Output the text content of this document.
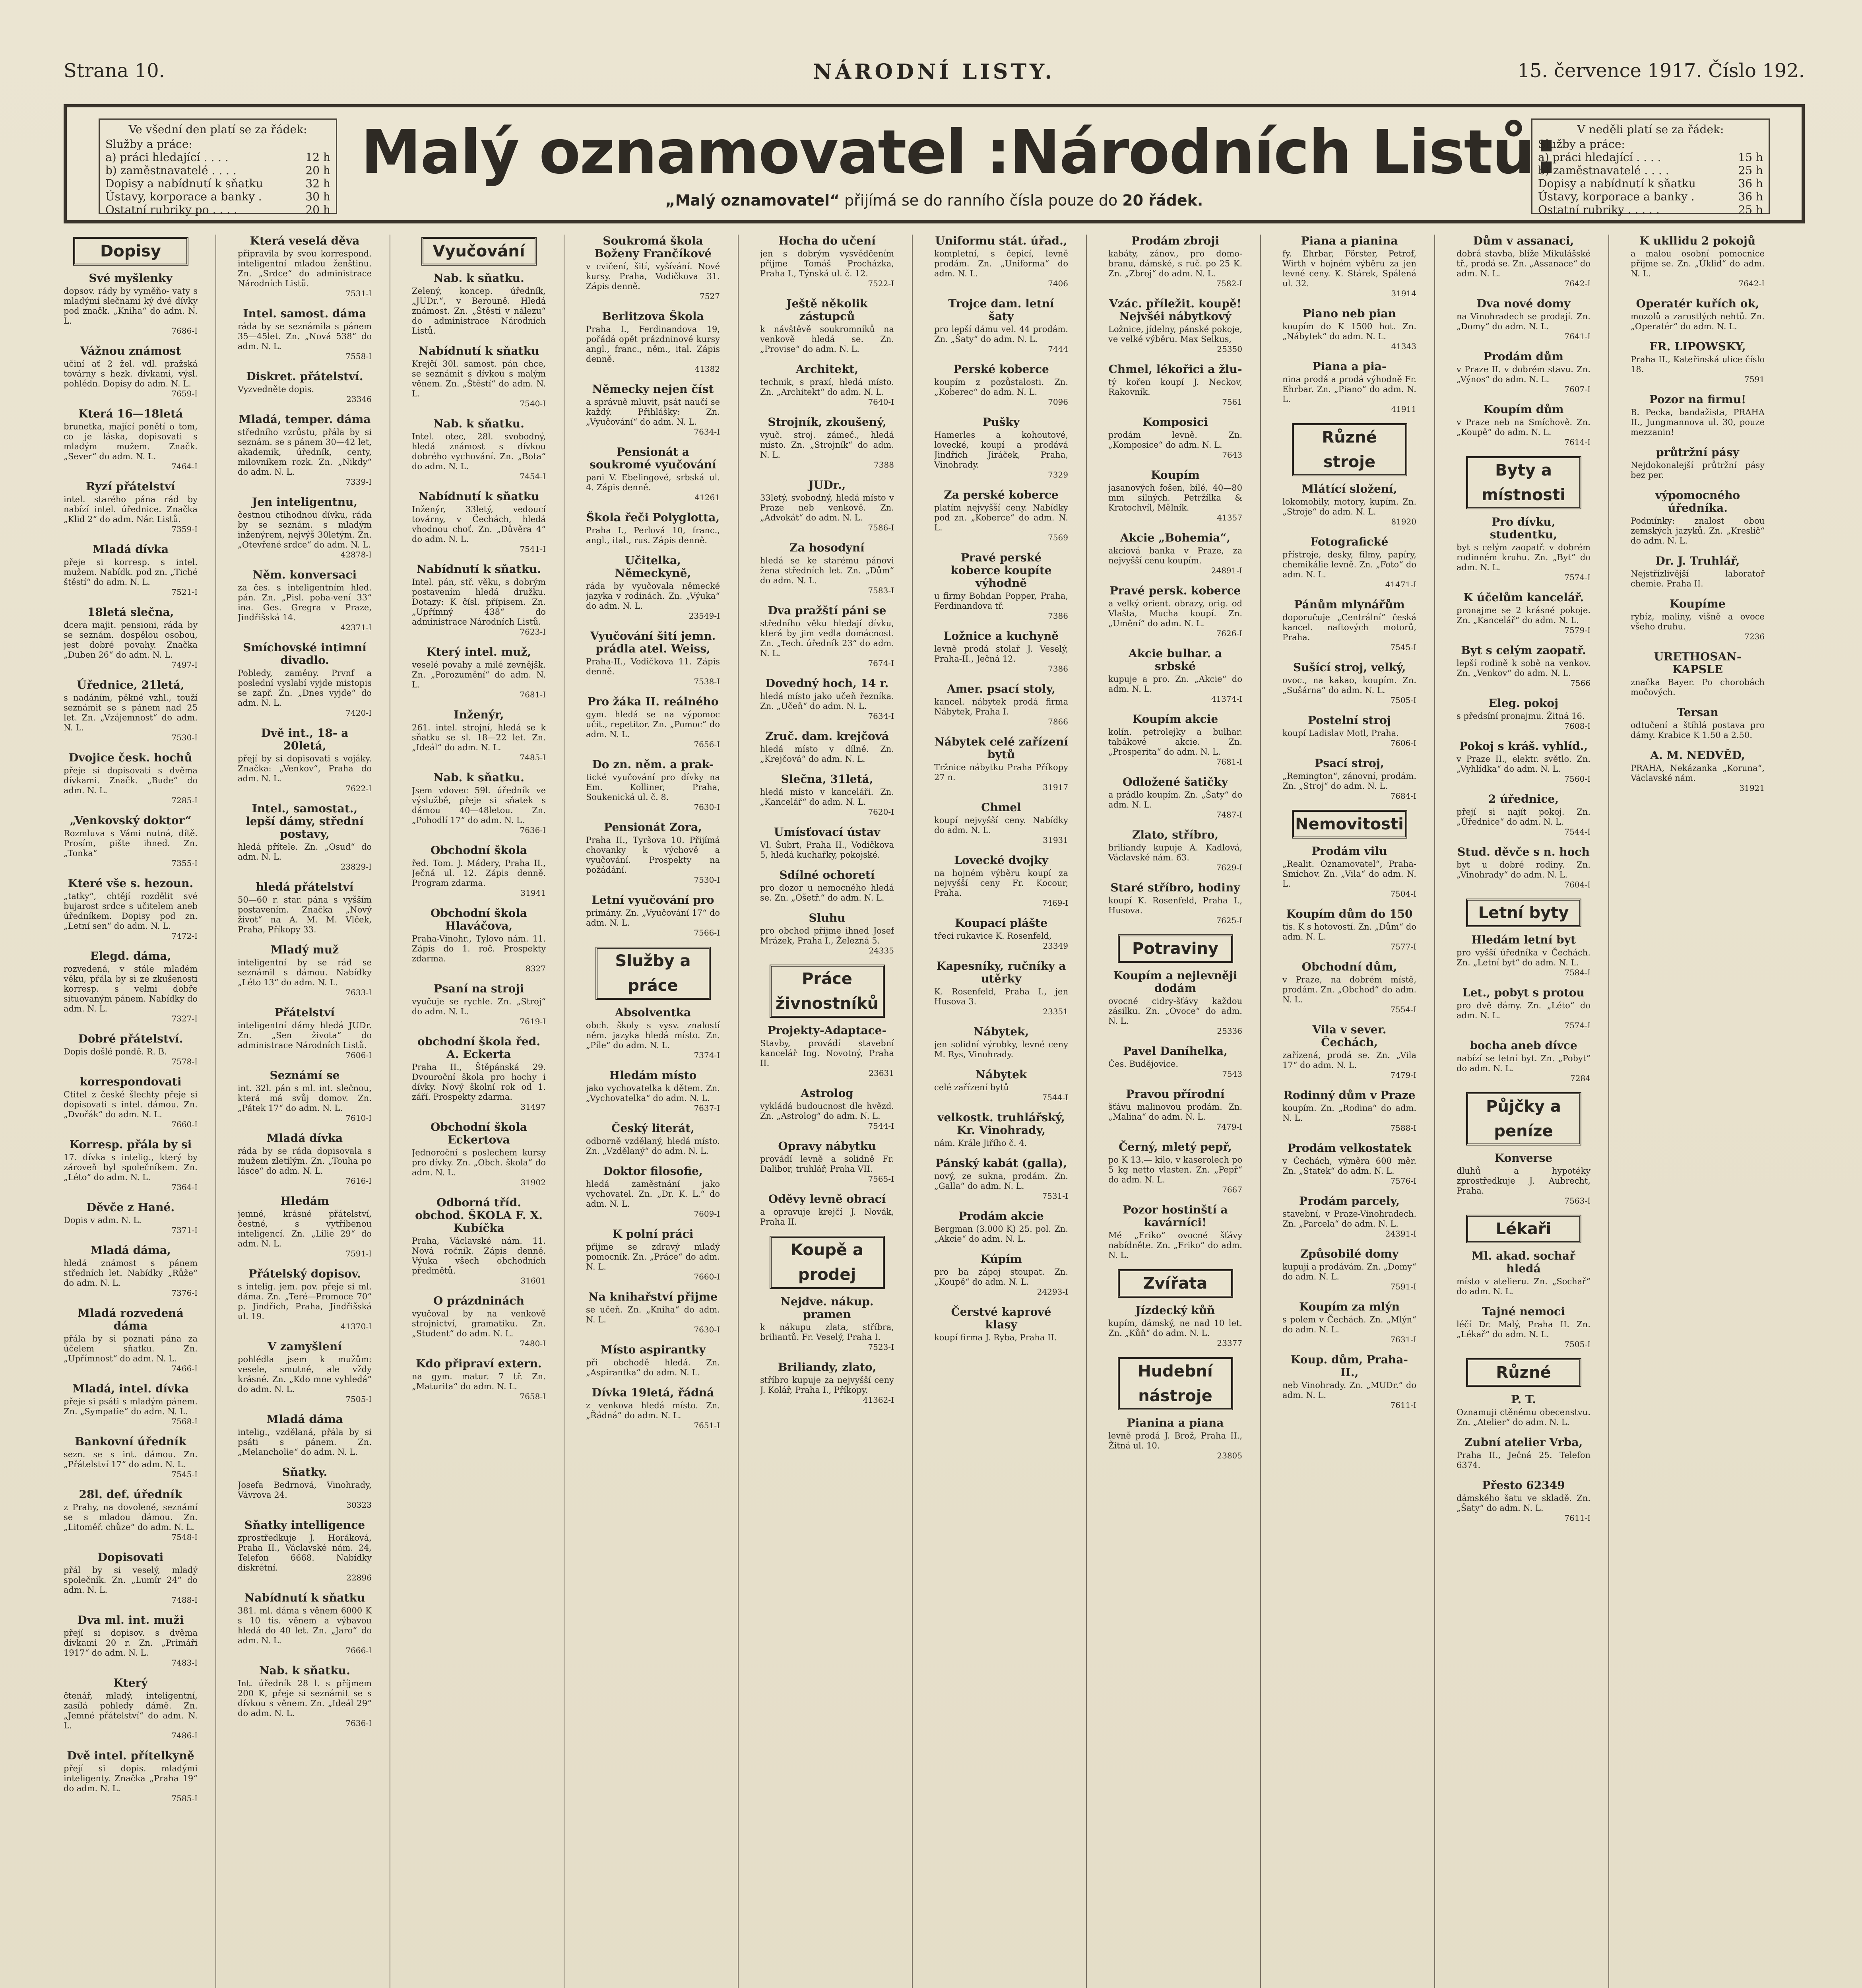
Strana 10.	NÁRODNÍ LISTY.	15. července 1917. Číslo 192.
Ve všední den platí se za řádek:
Služby a práce:
a) práci hledající . . . .	12 h
b) zaměstnavatelé . . . .	20 h
Dopisy a nabídnutí k sňatku	32 h
Ústavy, korporace a banky .	30 h
Ostatní rubriky po . . . .	20 h
Malý oznamovatel :Národních Listů:
„Malý oznamovatel“ přijímá se do ranního čísla pouze do 20 řádek.
V neděli platí se za řádek:
Služby a práce:
a) práci hledající . . . .	15 h
b) zaměstnavatelé . . . .	25 h
Dopisy a nabídnutí k sňatku	36 h
Ústavy, korporace a banky .	36 h
Ostatní rubriky . . . . .	25 h
Dopisy
Své myšlenky

dopsov. rády by vyměňo- vaty s mladými slečnami ký dvé dívky pod značk. „Kniha“ do adm. N. L.

7686-I
Vážnou známost

učiní ať 2 žel. vdl. pražská továrny s hezk. dívkami, výsl. pohlédn. Dopisy do adm. N. L.

7659-I
Která 16—18letá

brunetka, mající ponětí o tom, co je láska, dopisovati s mladým mužem. Značk. „Sever“ do adm. N. L.

7464-I
Ryzí přátelství

intel. starého pána rád by nabízí intel. úřednice. Značka „Klid 2“ do adm. Nár. Listů.

7359-I
Mladá dívka

přeje si korresp. s intel. mužem. Nabídk. pod zn. „Tiché štěstí“ do adm. N. L.

7521-I
18letá slečna,

dcera majit. pensioni, ráda by se seznám. dospělou osobou, jest dobré povahy. Značka „Duben 26“ do adm. N. L.

7497-I
Úřednice, 21letá,

s nadáním, pěkné vzhl., touží seznámit se s pánem nad 25 let. Zn. „Vzájemnost“ do adm. N. L.

7530-I
Dvojice česk. hochů

přeje si dopisovati s dvěma dívkami. Značk. „Bude“ do adm. N. L.

7285-I
„Venkovský doktor“

Rozmluva s Vámi nutná, dítě. Prosím, pište ihned. Zn. „Tonka“

7355-I
Které vše s. hezoun.

„tatky“, chtějí rozdělit své bujarost srdce s učitelem aneb úředníkem. Dopisy pod zn. „Letní sen“ do adm. N. L.

7472-I
Elegd. dáma,

rozvedená, v stále mladém věku, přála by si ze zkušenosti korresp. s velmi dobře situovaným pánem. Nabídky do adm. N. L.

7327-I
Dobré přátelství.

Dopis došlé pondě. R. B.

7578-I
korrespondovati

Ctitel z české šlechty přeje si dopisovati s intel. dámou. Zn. „Dvořák“ do adm. N. L.

7660-I
Korresp. přála by si

17. dívka s intelig., který by zároveň byl společníkem. Zn. „Léto“ do adm. N. L.

7364-I
Děvče z Hané.

Dopis v adm. N. L.

7371-I
Mladá dáma,

hledá známost s pánem středních let. Nabídky „Růže“ do adm. N. L.

7376-I
Mladá rozvedená dáma

přála by si poznati pána za účelem sňatku. Zn. „Upřímnost“ do adm. N. L.

7466-I
Mladá, intel. dívka

přeje si psáti s mladým pánem. Zn. „Sympatie“ do adm. N. L.

7568-I
Bankovní úředník

sezn. se s int. dámou. Zn. „Přátelství 17“ do adm. N. L.

7545-I
28l. def. úředník

z Prahy, na dovolené, seznámí se s mladou dámou. Zn. „Litoměř. chůze“ do adm. N. L.

7548-I
Dopisovati

přál by si veselý, mladý společník. Zn. „Lumír 24“ do adm. N. L.

7488-I
Dva ml. int. muži

přejí si dopisov. s dvěma dívkami 20 r. Zn. „Primáři 1917“ do adm. N. L.

7483-I
Který

čtenář, mladý, inteligentní, zasílá pohledy dámě. Zn. „Jemné přátelství“ do adm. N. L.

7486-I
Dvě intel. přítelkyně

přejí si dopis. mladými inteligenty. Značka „Praha 19“ do adm. N. L.

7585-I
Která veselá děva

připravila by svou korrespond. inteligentní mladou ženštinu. Zn. „Srdce“ do administrace Národních Listů.

7531-I
Intel. samost. dáma

ráda by se seznámila s pánem 35—45let. Zn. „Nová 538“ do adm. N. L.

7558-I
Diskret. přátelství.

Vyzvedněte dopis.

23346
Mladá, temper. dáma

středního vzrůstu, přála by si seznám. se s pánem 30—42 let, akademik, úředník, centy, milovníkem rozk. Zn. „Nikdy“ do adm. N. L.

7339-I
Jen inteligentnu,

čestnou ctihodnou dívku, ráda by se seznám. s mladým inženýrem, nejvýš 30letým. Zn. „Otevřené srdce“ do adm. N. L.

42878-I
Něm. konversaci

za čes. s inteligentním hled. pán. Zn. „Pisl. poba-vení 33“ ina. Ges. Gregra v Praze, Jindřišská 14.

42371-I
Smíchovské intimní divadlo.

Pobledy, zaměny. Prvnf a poslední vyslabí vyjde mistopis se zapř. Zn. „Dnes vyjde“ do adm. N. L.

7420-I
Dvě int., 18- a 20letá,

přejí by si dopisovati s vojáky. Značka: „Venkov“, Praha do adm. N. L.

7622-I
Intel., samostat., lepší dámy, střední postavy,

hledá přítele. Zn. „Osud“ do adm. N. L.

23829-I
hledá přátelství

50—60 r. star. pána s vyšším postavením. Značka „Nový život“ na A. M. M. Vlček, Praha, Příkopy 33.

Mladý muž

inteligentní by se rád se seznámil s dámou. Nabídky „Léto 13“ do adm. N. L.

7633-I
Přátelství

inteligentní dámy hledá JUDr. Zn. „Sen života“ do administrace Národních Listů.

7606-I
Seznámí se

int. 32l. pán s ml. int. slečnou, která má svůj domov. Zn. „Pátek 17“ do adm. N. L.

7610-I
Mladá dívka

ráda by se ráda dopisovala s mužem zletilým. Zn. „Touha po lásce“ do adm. N. L.

7616-I
Hledám

jemné, krásné přátelství, čestné, s vytříbenou inteligencí. Zn. „Lilie 29“ do adm. N. L.

7591-I
Přátelský dopisov.

s intelig. jem. pov. přeje si ml. dáma. Zn. „Teré—Promoce 70“ p. Jindřich, Praha, Jindřišská ul. 19.

41370-I
V zamyšlení

pohlédla jsem k mužům: vesele, smutné, ale vždy krásné. Zn. „Kdo mne vyhledá“ do adm. N. L.

7505-I
Mladá dáma

intelig., vzdělaná, přála by si psáti s pánem. Zn. „Melancholie“ do adm. N. L.

Sňatky.

Josefa Bedrnová, Vinohrady, Vávrova 24.

30323
Sňatky intelligence

zprostředkuje J. Horáková, Praha II., Václavské nám. 24, Telefon 6668. Nabídky diskrétní.

22896
Nabídnutí k sňatku

381. ml. dáma s věnem 6000 K s 10 tis. věnem a výbavou hledá do 40 let. Zn. „Jaro“ do adm. N. L.

7666-I
Nab. k sňatku.

Int. úředník 28 l. s příjmem 200 K, přeje si seznámit se s dívkou s věnem. Zn. „Ideál 29“ do adm. N. L.

7636-I
Vyučování
Nab. k sňatku.

Zelený, koncep. úředník, „JUDr.“, v Berouně. Hledá známost. Zn. „Štěstí v nálezu“ do administrace Národních Listů.

Nabídnutí k sňatku

Krejčí 30l. samost. pán chce, se seznámit s dívkou s malým věnem. Zn. „Štěstí“ do adm. N. L.

7540-I
Nab. k sňatku.

Intel. otec, 28l. svobodný, hledá známost s dívkou dobrého vychování. Zn. „Bota“ do adm. N. L.

7454-I
Nabídnutí k sňatku

Inženýr, 33letý, vedoucí továrny, v Čechách, hledá vhodnou choť. Zn. „Důvěra 4“ do adm. N. L.

7541-I
Nabídnutí k sňatku.

Intel. pán, stř. věku, s dobrým postavením hledá družku. Dotazy: K čísl. přípisem. Zn. „Upřímný 438“ do administrace Národních Listů.

7623-I
Který intel. muž,

veselé povahy a milé zevnějšk. Zn. „Porozumění“ do adm. N. L.

7681-I
Inženýr,

261. intel. strojní, hledá se k sňatku se sl. 18—22 let. Zn. „Ideál“ do adm. N. L.

7485-I
Nab. k sňatku.

Jsem vdovec 59l. úředník ve výslužbě, přeje si sňatek s dámou 40—48letou. Zn. „Pohodlí 17“ do adm. N. L.

7636-I
Obchodní škola

řed. Tom. J. Mádery, Praha II., Ječná ul. 12. Zápis denně. Program zdarma.

31941
Obchodní škola Hlaváčova,

Praha-Vinohr., Tylovo nám. 11. Zápis do 1. roč. Prospekty zdarma.

8327
Psaní na stroji

vyučuje se rychle. Zn. „Stroj“ do adm. N. L.

7619-I
obchodní škola řed. A. Eckerta

Praha II., Štěpánská 29. Dvouroční škola pro hochy i dívky. Nový školní rok od 1. září. Prospekty zdarma.

31497
Obchodní škola Eckertova

Jednoroční s poslechem kursy pro dívky. Zn. „Obch. škola“ do adm. N. L.

31902
Odborná tříd. obchod. ŠKOLA F. X. Kubíčka

Praha, Václavské nám. 11. Nová ročník. Zápis denně. Výuka všech obchodních předmětů.

31601
O prázdninách

vyučoval by na venkově strojnictví, gramatiku. Zn. „Student“ do adm. N. L.

7480-I
Kdo připraví extern.

na gym. matur. 7 tř. Zn. „Maturita“ do adm. N. L.

7658-I
Soukromá škola Boženy Frančíkové

v cvičení, šití, vyšívání. Nové kursy. Praha, Vodičkova 31. Zápis denně.

7527
Berlitzova Škola

Praha I., Ferdinandova 19, pořádá opět prázdninové kursy angl., franc., něm., ital. Zápis denně.

41382
Německy nejen číst

a správně mluvit, psát naučí se každý. Přihlášky: Zn. „Vyučování“ do adm. N. L.

7634-I
Pensionát a soukromé vyučování

pani V. Ebelingové, srbská ul. 4. Zápis denně.

41261
Škola řeči Polyglotta,

Praha I., Perlová 10, franc., angl., ital., rus. Zápis denně.

Učitelka, Německyně,

ráda by vyučovala německé jazyka v rodinách. Zn. „Výuka“ do adm. N. L.

23549-I
Vyučování šití jemn. prádla atel. Weiss,

Praha-II., Vodičkova 11. Zápis denně.

7538-I
Pro žáka II. reálného

gym. hledá se na výpomoc učit., repetitor. Zn. „Pomoc“ do adm. N. L.

7656-I
Do zn. něm. a prak-

tické vyučování pro dívky na Em. Kolliner, Praha, Soukenická ul. č. 8.

7630-I
Pensionát Zora,

Praha II., Tyršova 10. Přijímá chovanky k výchově a vyučování. Prospekty na požádání.

7530-I
Letní vyučování pro

primány. Zn. „Vyučování 17“ do adm. N. L.

7566-I
Služby a práce
Absolventka

obch. školy s vysv. znalostí něm. jazyka hledá místo. Zn. „Píle“ do adm. N. L.

7374-I
Hledám místo

jako vychovatelka k dětem. Zn. „Vychovatelka“ do adm. N. L.

7637-I
Český literát,

odborně vzdělaný, hledá místo. Zn. „Vzdělaný“ do adm. N. L.

Doktor filosofie,

hledá zaměstnání jako vychovatel. Zn. „Dr. K. L.“ do adm. N. L.

7609-I
K polní práci

přijme se zdravý mladý pomocník. Zn. „Práce“ do adm. N. L.

7660-I
Na knihařství přijme

se učeň. Zn. „Kniha“ do adm. N. L.

7630-I
Místo aspirantky

při obchodě hledá. Zn. „Aspirantka“ do adm. N. L.

Dívka 19letá, řádná

z venkova hledá místo. Zn. „Řádná“ do adm. N. L.

7651-I
Hocha do učení

jen s dobrým vysvědčením přijme Tomáš Procházka, Praha I., Týnská ul. č. 12.

7522-I
Ještě několik zástupců

k návštěvě soukromníků na venkově hledá se. Zn. „Provise“ do adm. N. L.

Architekt,

technik, s praxí, hledá místo. Zn. „Architekt“ do adm. N. L.

7640-I
Strojník, zkoušený,

vyuč. stroj. zámeč., hledá místo. Zn. „Strojník“ do adm. N. L.

7388
JUDr.,

33letý, svobodný, hledá místo v Praze neb venkově. Zn. „Advokát“ do adm. N. L.

7586-I
Za hosodyní

hledá se ke starému pánovi žena středních let. Zn. „Dům“ do adm. N. L.

7583-I
Dva pražští páni se

středního věku hledají dívku, která by jim vedla domácnost. Zn. „Tech. úředník 23“ do adm. N. L.

7674-I
Dovedný hoch, 14 r.

hledá místo jako učeň řezníka. Zn. „Učeň“ do adm. N. L.

7634-I
Zruč. dam. krejčová

hledá místo v dílně. Zn. „Krejčová“ do adm. N. L.

Slečna, 31letá,

hledá místo v kanceláři. Zn. „Kancelář“ do adm. N. L.

7620-I
Umísťovací ústav

Vl. Šubrt, Praha II., Vodičkova 5, hledá kuchařky, pokojské.

Sdílné ochoretí

pro dozor u nemocného hledá se. Zn. „Ošetř.“ do adm. N. L.

Sluhu

pro obchod přijme ihned Josef Mrázek, Praha I., Železná 5.

24335
Práce živnostníků
Projekty-Adaptace-

Stavby, provádí stavební kancelář Ing. Novotný, Praha II.

23631
Astrolog

vykládá budoucnost dle hvězd. Zn. „Astrolog“ do adm. N. L.

7544-I
Opravy nábytku

provádí levně a solidně Fr. Dalibor, truhlář, Praha VII.

7565-I
Oděvy levně obrací

a opravuje krejčí J. Novák, Praha II.

Koupě a prodej
Nejdve. nákup. pramen

k nákupu zlata, stříbra, briliantů. Fr. Veselý, Praha I.

7523-I
Briliandy, zlato,

stříbro kupuje za nejvyšší ceny J. Kolář, Praha I., Příkopy.

41362-I
Uniformu stát. úřad.,

kompletní, s čepicí, levně prodám. Zn. „Uniforma“ do adm. N. L.

7406
Trojce dam. letní šaty

pro lepší dámu vel. 44 prodám. Zn. „Šaty“ do adm. N. L.

7444
Perské koberce

koupím z pozůstalosti. Zn. „Koberec“ do adm. N. L.

7096
Pušky

Hamerles a kohoutové, lovecké, koupí a prodává Jindřich Jiráček, Praha, Vinohrady.

7329
Za perské koberce

platím nejvyšší ceny. Nabídky pod zn. „Koberce“ do adm. N. L.

7569
Pravé perské koberce koupíte výhodně

u firmy Bohdan Popper, Praha, Ferdinandova tř.

7386
Ložnice a kuchyně

levně prodá stolař J. Veselý, Praha-II., Ječná 12.

7386
Amer. psací stoly,

kancel. nábytek prodá firma Nábytek, Praha I.

7866
Nábytek celé zařízení bytů

Tržnice nábytku Praha Příkopy 27 n.

31917
Chmel

koupí nejvyšší ceny. Nabídky do adm. N. L.

31931
Lovecké dvojky

na hojném výběru koupí za nejvyšší ceny Fr. Kocour, Praha.

7469-I
Koupací plášte

třeci rukavice K. Rosenfeld,

23349
Kapesníky, ručníky a utěrky

K. Rosenfeld, Praha I., jen Husova 3.

23351
Nábytek,

jen solidní výrobky, levné ceny M. Rys, Vinohrady.

Nábytek

celé zařízení bytů

7544-I
velkostk. truhlářský, Kr. Vinohrady,

nám. Krále Jiřího č. 4.

Pánský kabát (galla),

nový, ze sukna, prodám. Zn. „Galla“ do adm. N. L.

7531-I
Prodám akcie

Bergman (3.000 K) 25. pol. Zn. „Akcie“ do adm. N. L.

Kúpím

pro ba zápoj stoupat. Zn. „Koupě“ do adm. N. L.

24293-I
Čerstvé kaprové klasy

koupí firma J. Ryba, Praha II.

Prodám zbroji

kabáty, zánov., pro domo- branu, dámské, s ruč. po 25 K. Zn. „Zbroj“ do adm. N. L.

7582-I
Vzác. příležit. koupě! Nejvšéi nábytkový

Ložnice, jídelny, pánské pokoje, ve velké výběru. Max Selkus,

25350
Chmel, lékořici a žlu-

tý kořen koupí J. Neckov, Rakovník.

7561
Komposici

prodám levně. Zn. „Komposice“ do adm. N. L.

7643
Koupím

jasanových fošen, bílé, 40—80 mm silných. Petržílka & Kratochvíl, Mělník.

41357
Akcie „Bohemia“,

akciová banka v Praze, za nejvyšší cenu koupím.

24891-I
Pravé persk. koberce

a velký orient. obrazy, orig. od Vlašta, Mucha koupí. Zn. „Umění“ do adm. N. L.

7626-I
Akcie bulhar. a srbské

kupuje a pro. Zn. „Akcie“ do adm. N. L.

41374-I
Koupím akcie

kolín. petrolejky a bulhar. tabákové akcie. Zn. „Prosperita“ do adm. N. L.

7681-I
Odložené šatičky

a prádlo koupím. Zn. „Šaty“ do adm. N. L.

7487-I
Zlato, stříbro,

briliandy kupuje A. Kadlová, Václavské nám. 63.

7629-I
Staré stříbro, hodiny

koupí K. Rosenfeld, Praha I., Husova.

7625-I
Potraviny
Koupím a nejlevněji dodám

ovocné cidry-šťávy každou zásilku. Zn. „Ovoce“ do adm. N. L.

25336
Pavel Daníhelka,

Čes. Budějovice.

7543
Pravou přírodní

šťávu malinovou prodám. Zn. „Malina“ do adm. N. L.

7479-I
Černý, mletý pepř,

po K 13.— kilo, v kaserolech po 5 kg netto vlasten. Zn. „Pepř“ do adm. N. L.

7667
Pozor hostinští a kavárníci!

Mé „Friko“ ovocné šťávy nabídněte. Zn. „Friko“ do adm. N. L.

Zvířata
Jízdecký kůň

kupím, dámský, ne nad 10 let. Zn. „Kůň“ do adm. N. L.

23377
Hudební nástroje
Pianina a piana

levně prodá J. Brož, Praha II., Žitná ul. 10.

23805
Piana a pianina

fy. Ehrbar, Förster, Petrof, Wirth v hojném výběru za jen levné ceny. K. Stárek, Spálená ul. 32.

31914
Piano neb pian

koupím do K 1500 hot. Zn. „Nábytek“ do adm. N. L.

41343
Piana a pia-

nina prodá a prodá výhodně Fr. Ehrbar. Zn. „Piano“ do adm. N. L.

41911
Různé stroje
Mlátící složení,

lokomobily, motory, kupím. Zn. „Stroje“ do adm. N. L.

81920
Fotografické

přístroje, desky, filmy, papíry, chemikálie levně. Zn. „Foto“ do adm. N. L.

41471-I
Pánům mlynářům

doporučuje „Centrální“ česká kancel. naftových motorů, Praha.

7545-I
Sušící stroj, velký,

ovoc., na kakao, koupím. Zn. „Sušárna“ do adm. N. L.

7505-I
Postelní stroj

koupí Ladislav Motl, Praha.

7606-I
Psací stroj,

„Remington“, zánovní, prodám. Zn. „Stroj“ do adm. N. L.

7684-I
Nemovitosti
Prodám vilu

„Realit. Oznamovatel“, Praha-Smíchov. Zn. „Vila“ do adm. N. L.

7504-I
Koupím dům do 150

tis. K s hotovostí. Zn. „Dům“ do adm. N. L.

7577-I
Obchodní dům,

v Praze, na dobrém místě, prodám. Zn. „Obchod“ do adm. N. L.

7554-I
Vila v sever. Čechách,

zařízená, prodá se. Zn. „Vila 17“ do adm. N. L.

7479-I
Rodinný dům v Praze

koupím. Zn. „Rodina“ do adm. N. L.

7588-I
Prodám velkostatek

v Čechách, výměra 600 měr. Zn. „Statek“ do adm. N. L.

7576-I
Prodám parcely,

stavební, v Praze-Vinohradech. Zn. „Parcela“ do adm. N. L.

24391-I
Způsobilé domy

kupuji a prodávám. Zn. „Domy“ do adm. N. L.

7591-I
Koupím za mlýn

s polem v Čechách. Zn. „Mlýn“ do adm. N. L.

7631-I
Koup. dům, Praha-II.,

neb Vinohrady. Zn. „MUDr.“ do adm. N. L.

7611-I
Dům v assanaci,

dobrá stavba, blíže Mikulášské tř., prodá se. Zn. „Assanace“ do adm. N. L.

7642-I
Dva nové domy

na Vinohradech se prodají. Zn. „Domy“ do adm. N. L.

7641-I
Prodám dům

v Praze II. v dobrém stavu. Zn. „Výnos“ do adm. N. L.

7607-I
Koupím dům

v Praze neb na Smíchově. Zn. „Koupě“ do adm. N. L.

7614-I
Byty a místnosti
Pro dívku, studentku,

byt s celým zaopatř. v dobrém rodinném kruhu. Zn. „Byt“ do adm. N. L.

7574-I
K účelům kancelář.

pronajme se 2 krásné pokoje. Zn. „Kancelář“ do adm. N. L.

7579-I
Byt s celým zaopatř.

lepší rodině k sobě na venkov. Zn. „Venkov“ do adm. N. L.

7566
Eleg. pokoj

s předsíní pronajmu. Žitná 16.

7608-I
Pokoj s kráš. vyhlíd.,

v Praze II., elektr. světlo. Zn. „Vyhlídka“ do adm. N. L.

7560-I
2 úřednice,

přejí si najít pokoj. Zn. „Úřednice“ do adm. N. L.

7544-I
Stud. děvče s n. hoch

byt u dobré rodiny. Zn. „Vinohrady“ do adm. N. L.

7604-I
Letní byty
Hledám letní byt

pro vyšší úředníka v Čechách. Zn. „Letní byt“ do adm. N. L.

7584-I
Let., pobyt s protou

pro dvě dámy. Zn. „Léto“ do adm. N. L.

7574-I
bocha aneb dívce

nabízí se letní byt. Zn. „Pobyt“ do adm. N. L.

7284
Půjčky a peníze
Konverse

dluhů a hypotéky zprostředkuje J. Aubrecht, Praha.

7563-I
Lékaři
Ml. akad. sochař hledá

místo v atelieru. Zn. „Sochař“ do adm. N. L.

Tajné nemoci

léčí Dr. Malý, Praha II. Zn. „Lékař“ do adm. N. L.

7505-I
Různé
P. T.

Oznamuji ctěnému obecenstvu. Zn. „Atelier“ do adm. N. L.

Zubní atelier Vrba,

Praha II., Ječná 25. Telefon 6374.

Přesto 62349

dámského šatu ve skladě. Zn. „Šaty“ do adm. N. L.

7611-I
K ukllidu 2 pokojů

a malou osobní pomocnice přijme se. Zn. „Úklid“ do adm. N. L.

7642-I
Operatér kuřích ok,

mozolů a zarostlých nehtů. Zn. „Operatér“ do adm. N. L.

FR. LIPOWSKY,

Praha II., Kateřinská ulice číslo 18.

7591
Pozor na firmu!

B. Pecka, bandažista, PRAHA II., Jungmannova ul. 30, pouze mezzanin!

průtržní pásy

Nejdokonalejší průtržní pásy bez per.

výpomocného úředníka.

Podmínky: znalost obou zemských jazyků. Zn. „Kreslič“ do adm. N. L.

Dr. J. Truhlář,

Nejstřízlivější laboratoř chemie. Praha II.

Koupíme

rybíz, maliny, višně a ovoce všeho druhu.

7236
URETHOSAN-KAPSLE

značka Bayer. Po chorobách močových.

Tersan

odtučení a štíhlá postava pro dámy. Krabice K 1.50 a 2.50.

A. M. NEDVĚD,

PRAHA, Nekázanka „Koruna“, Václavské nám.

31921
